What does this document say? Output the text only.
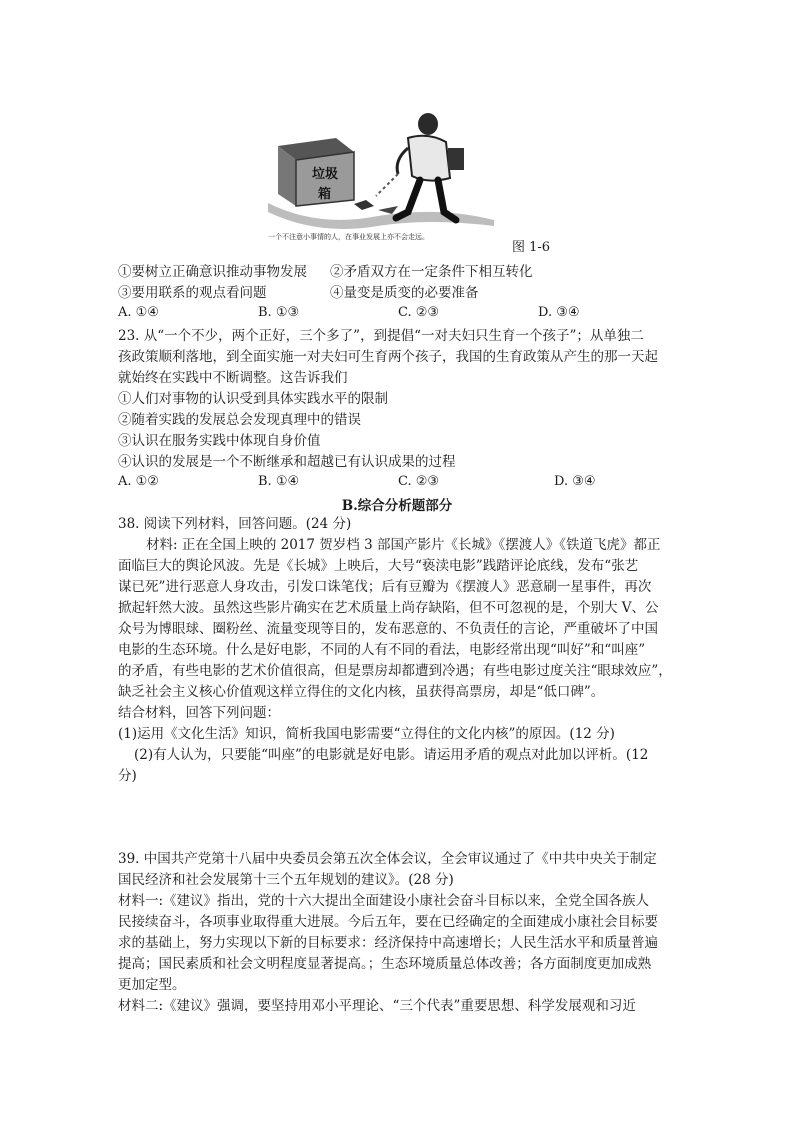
垃圾
箱
一个不注意小事情的人，在事业发展上亦不会走远。
图 1-6
①要树立正确意识推动事物发展 ②矛盾双方在一定条件下相互转化
③要用联系的观点看问题	④量变是质变的必要准备
A. ①④	B. ①③	C. ②③	D. ③④
23. 从“一个不少，两个正好，三个多了”，到提倡“一对夫妇只生育一个孩子”；从单独二
孩政策顺利落地，到全面实施一对夫妇可生育两个孩子，我国的生育政策从产生的那一天起
就始终在实践中不断调整。这告诉我们
①人们对事物的认识受到具体实践水平的限制
②随着实践的发展总会发现真理中的错误
③认识在服务实践中体现自身价值
④认识的发展是一个不断继承和超越已有认识成果的过程
A. ①②	B. ①④	C. ②③	D. ③④
B.综合分析题部分
38. 阅读下列材料，回答问题。(24 分)
材料: 正在全国上映的 2017 贺岁档 3 部国产影片《长城》《摆渡人》《铁道飞虎》都正
面临巨大的舆论风波。先是《长城》上映后，大号“亵渎电影”践踏评论底线，发布“张艺
谋已死”进行恶意人身攻击，引发口诛笔伐；后有豆瓣为《摆渡人》恶意刷一星事件，再次
掀起轩然大波。虽然这些影片确实在艺术质量上尚存缺陷，但不可忽视的是，个别大 V、公
众号为博眼球、圈粉丝、流量变现等目的，发布恶意的、不负责任的言论，严重破坏了中国
电影的生态环境。什么是好电影，不同的人有不同的看法，电影经常出现“叫好”和“叫座”
的矛盾，有些电影的艺术价值很高，但是票房却都遭到冷遇；有些电影过度关注“眼球效应”，
缺乏社会主义核心价值观这样立得住的文化内核，虽获得高票房，却是“低口碑”。
结合材料，回答下列问题：
(1)运用《文化生活》知识，简析我国电影需要“立得住的文化内核”的原因。(12 分)
(2)有人认为，只要能“叫座”的电影就是好电影。请运用矛盾的观点对此加以评析。(12
分)
39. 中国共产党第十八届中央委员会第五次全体会议，全会审议通过了《中共中央关于制定
国民经济和社会发展第十三个五年规划的建议》。(28 分)
材料一:《建议》指出，党的十六大提出全面建设小康社会奋斗目标以来，全党全国各族人
民接续奋斗，各项事业取得重大进展。今后五年，要在已经确定的全面建成小康社会目标要
求的基础上，努力实现以下新的目标要求：经济保持中高速增长；人民生活水平和质量普遍
提高；国民素质和社会文明程度显著提高。；生态环境质量总体改善；各方面制度更加成熟
更加定型。
材料二:《建议》强调，要坚持用邓小平理论、“三个代表”重要思想、科学发展观和习近
